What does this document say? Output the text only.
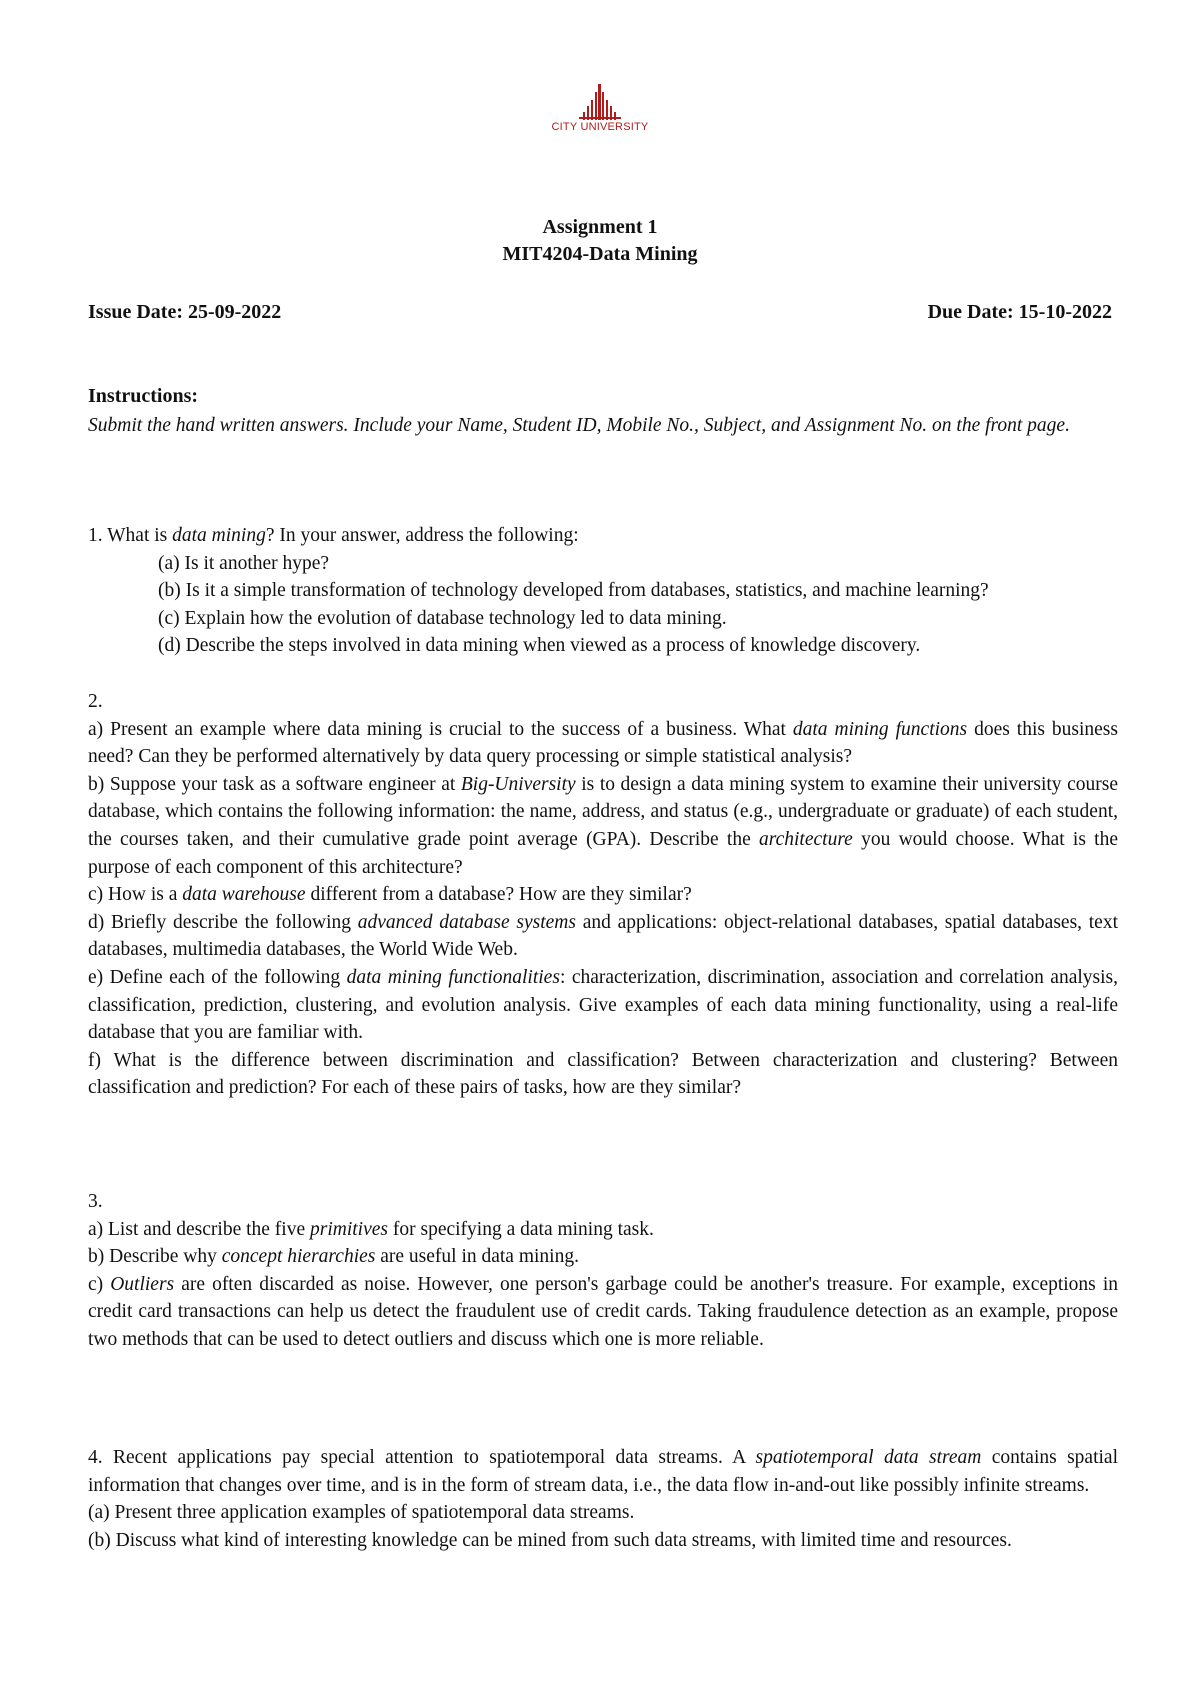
CITY UNIVERSITY
Assignment 1
MIT4204-Data Mining
Issue Date: 25-09-2022	Due Date: 15-10-2022
Instructions:
Submit the hand written answers. Include your Name, Student ID, Mobile No., Subject, and Assignment No. on the front page.

1. What is data mining? In your answer, address the following:

(a) Is it another hype?

(b) Is it a simple transformation of technology developed from databases, statistics, and machine learning?

(c) Explain how the evolution of database technology led to data mining.

(d) Describe the steps involved in data mining when viewed as a process of knowledge discovery.

2.

a) Present an example where data mining is crucial to the success of a business. What data mining functions does this business need? Can they be performed alternatively by data query processing or simple statistical analysis?

b) Suppose your task as a software engineer at Big-University is to design a data mining system to examine their university course database, which contains the following information: the name, address, and status (e.g., undergraduate or graduate) of each student, the courses taken, and their cumulative grade point average (GPA). Describe the architecture you would choose. What is the purpose of each component of this architecture?

c) How is a data warehouse different from a database? How are they similar?

d) Briefly describe the following advanced database systems and applications: object-relational databases, spatial databases, text databases, multimedia databases, the World Wide Web.

e) Define each of the following data mining functionalities: characterization, discrimination, association and correlation analysis, classification, prediction, clustering, and evolution analysis. Give examples of each data mining functionality, using a real-life database that you are familiar with.

f) What is the difference between discrimination and classification? Between characterization and clustering? Between classification and prediction? For each of these pairs of tasks, how are they similar?

3.

a) List and describe the five primitives for specifying a data mining task.

b) Describe why concept hierarchies are useful in data mining.

c) Outliers are often discarded as noise. However, one person's garbage could be another's treasure. For example, exceptions in credit card transactions can help us detect the fraudulent use of credit cards. Taking fraudulence detection as an example, propose two methods that can be used to detect outliers and discuss which one is more reliable.

4. Recent applications pay special attention to spatiotemporal data streams. A spatiotemporal data stream contains spatial information that changes over time, and is in the form of stream data, i.e., the data flow in-and-out like possibly infinite streams.

(a) Present three application examples of spatiotemporal data streams.

(b) Discuss what kind of interesting knowledge can be mined from such data streams, with limited time and resources.
